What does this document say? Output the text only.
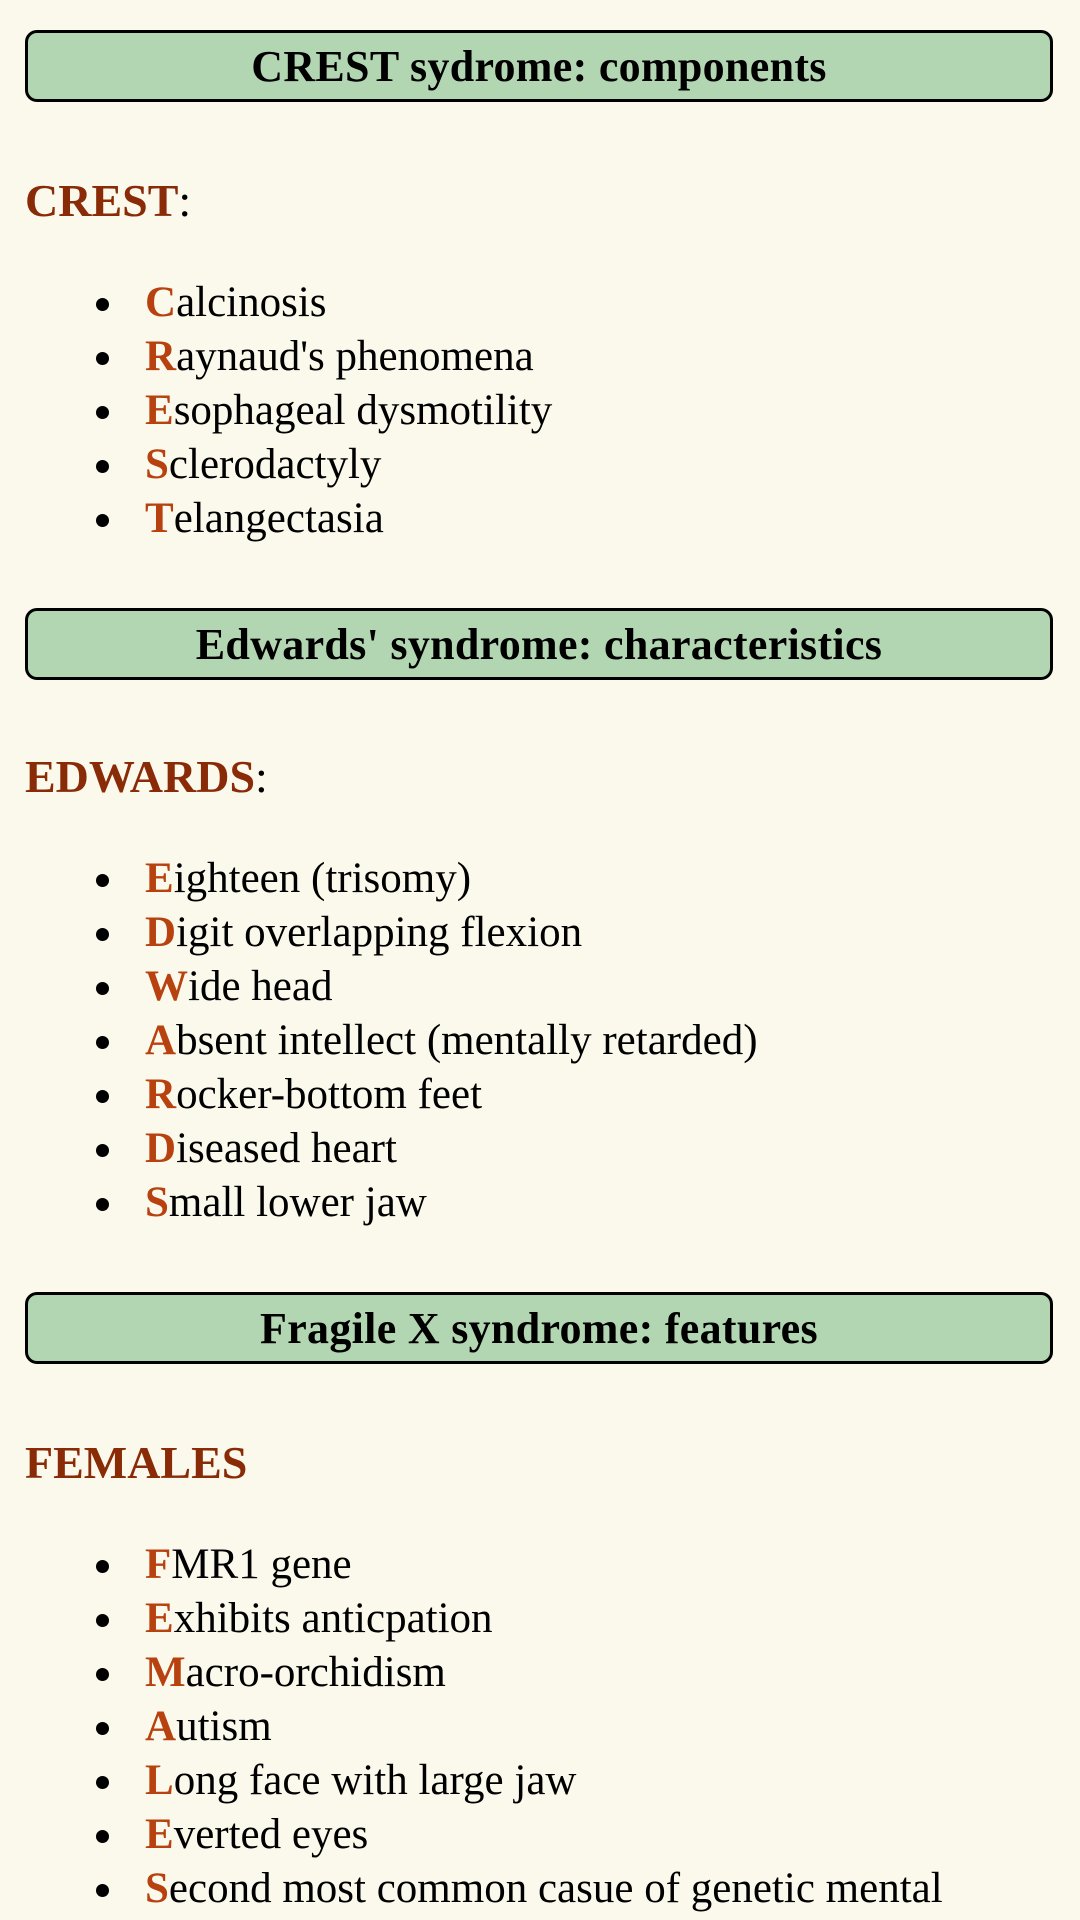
CREST sydrome: components
CREST:
Calcinosis
Raynaud's phenomena
Esophageal dysmotility
Sclerodactyly
Telangectasia
Edwards' syndrome: characteristics
EDWARDS:
Eighteen (trisomy)
Digit overlapping flexion
Wide head
Absent intellect (mentally retarded)
Rocker-bottom feet
Diseased heart
Small lower jaw
Fragile X syndrome: features
FEMALES
FMR1 gene
Exhibits anticpation
Macro-orchidism
Autism
Long face with large jaw
Everted eyes
Second most common casue of genetic mental
